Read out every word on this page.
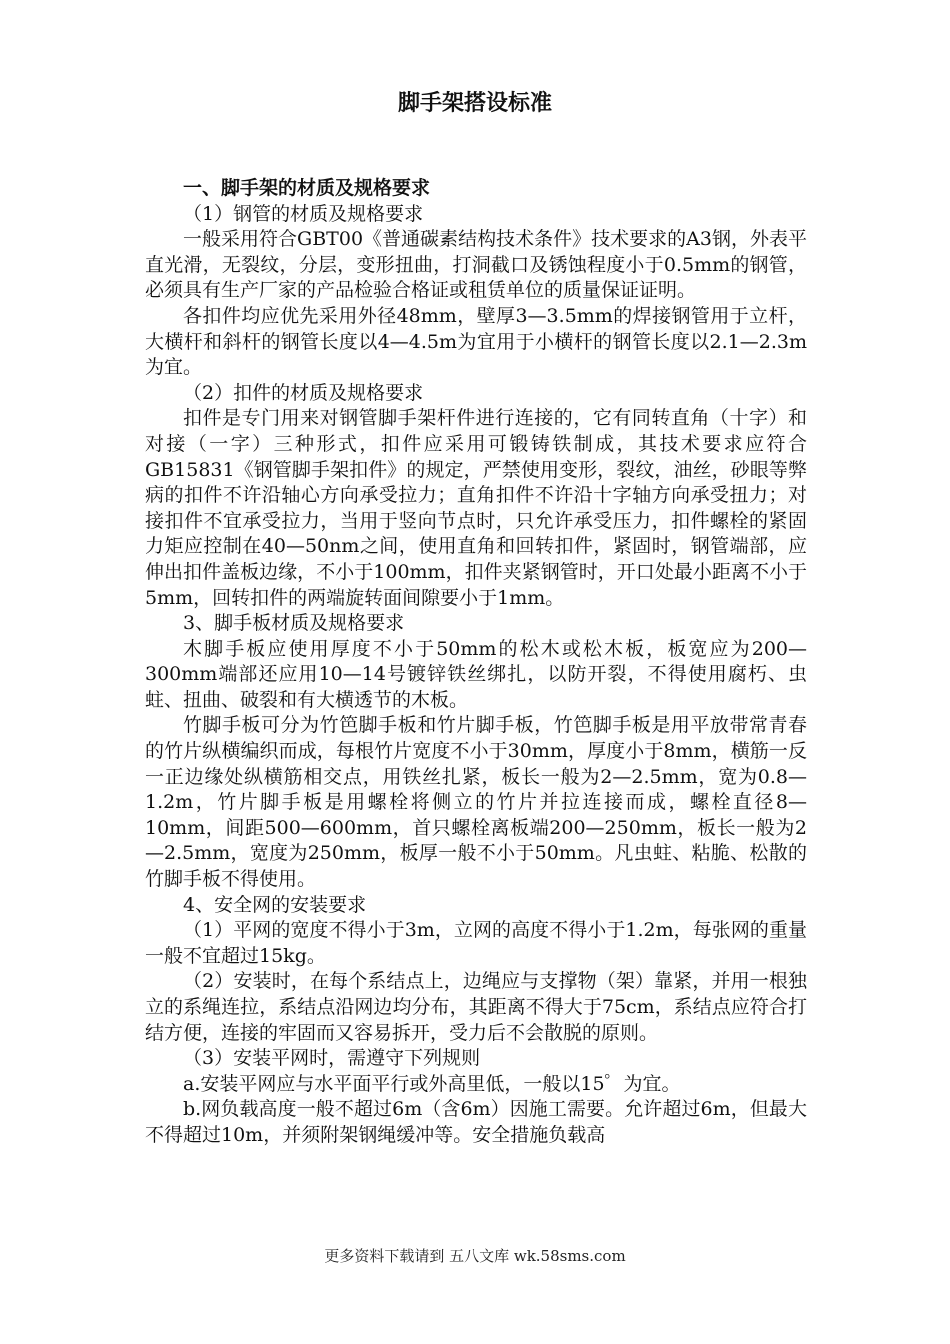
脚手架搭设标准

一、脚手架的材质及规格要求

（1）钢管的材质及规格要求

一般采用符合GBT00《普通碳素结构技术条件》技术要求的A3钢，外表平直光滑，无裂纹，分层，变形扭曲，打洞截口及锈蚀程度小于0.5mm的钢管，必须具有生产厂家的产品检验合格证或租赁单位的质量保证证明。

各扣件均应优先采用外径48mm，壁厚3—3.5mm的焊接钢管用于立杆，大横杆和斜杆的钢管长度以4—4.5m为宜用于小横杆的钢管长度以2.1—2.3m为宜。

（2）扣件的材质及规格要求

扣件是专门用来对钢管脚手架杆件进行连接的，它有同转直角（十字）和对接（一字）三种形式，扣件应采用可锻铸铁制成，其技术要求应符合GB15831《钢管脚手架扣件》的规定，严禁使用变形，裂纹，油丝，砂眼等弊病的扣件不许沿轴心方向承受拉力；直角扣件不许沿十字轴方向承受扭力；对接扣件不宜承受拉力，当用于竖向节点时，只允许承受压力，扣件螺栓的紧固力矩应控制在40—50nm之间，使用直角和回转扣件，紧固时，钢管端部，应伸出扣件盖板边缘，不小于100mm，扣件夹紧钢管时，开口处最小距离不小于5mm，回转扣件的两端旋转面间隙要小于1mm。

3、脚手板材质及规格要求

木脚手板应使用厚度不小于50mm的松木或松木板，板宽应为200—300mm端部还应用10—14号镀锌铁丝绑扎，以防开裂，不得使用腐朽、虫蛀、扭曲、破裂和有大横透节的木板。

竹脚手板可分为竹笆脚手板和竹片脚手板，竹笆脚手板是用平放带常青春的竹片纵横编织而成，每根竹片宽度不小于30mm，厚度小于8mm，横筋一反一正边缘处纵横筋相交点，用铁丝扎紧，板长一般为2—2.5mm，宽为0.8—1.2m，竹片脚手板是用螺栓将侧立的竹片并拉连接而成，螺栓直径8—10mm，间距500—600mm，首只螺栓离板端200—250mm，板长一般为2—2.5mm，宽度为250mm，板厚一般不小于50mm。凡虫蛀、粘脆、松散的竹脚手板不得使用。

4、安全网的安装要求

（1）平网的宽度不得小于3m，立网的高度不得小于1.2m，每张网的重量一般不宜超过15kg。

（2）安装时，在每个系结点上，边绳应与支撑物（架）靠紧，并用一根独立的系绳连拉，系结点沿网边均分布，其距离不得大于75cm，系结点应符合打结方便，连接的牢固而又容易拆开，受力后不会散脱的原则。

（3）安装平网时，需遵守下列规则

a.安装平网应与水平面平行或外高里低，一般以15゜为宜。

b.网负载高度一般不超过6m（含6m）因施工需要。允许超过6m，但最大不得超过10m，并须附架钢绳缓冲等。安全措施负载高

更多资料下载请到 五八文库 wk.58sms.com
